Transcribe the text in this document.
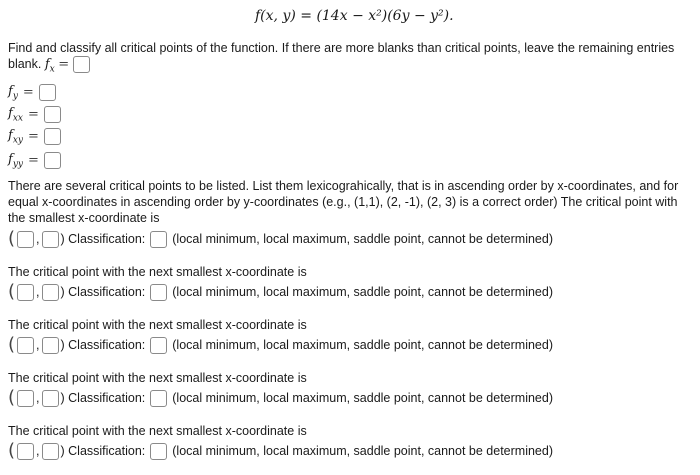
f(x, y) = (14x − x²)(6y − y²).
Find and classify all critical points of the function. If there are more blanks than critical points, leave the remaining entries blank. $f_x$ =
$f_y$ =
$f_{xx}$ =
$f_{xy}$ =
$f_{yy}$ =
There are several critical points to be listed. List them lexicograhically, that is in ascending order by x-coordinates, and for equal x-coordinates in ascending order by y-coordinates (e.g., (1,1), (2, -1), (2, 3) is a correct order) The critical point with the smallest x-coordinate is
( , ) Classification: (local minimum, local maximum, saddle point, cannot be determined)
The critical point with the next smallest x-coordinate is
( , ) Classification: (local minimum, local maximum, saddle point, cannot be determined)
The critical point with the next smallest x-coordinate is
( , ) Classification: (local minimum, local maximum, saddle point, cannot be determined)
The critical point with the next smallest x-coordinate is
( , ) Classification: (local minimum, local maximum, saddle point, cannot be determined)
The critical point with the next smallest x-coordinate is
( , ) Classification: (local minimum, local maximum, saddle point, cannot be determined)
